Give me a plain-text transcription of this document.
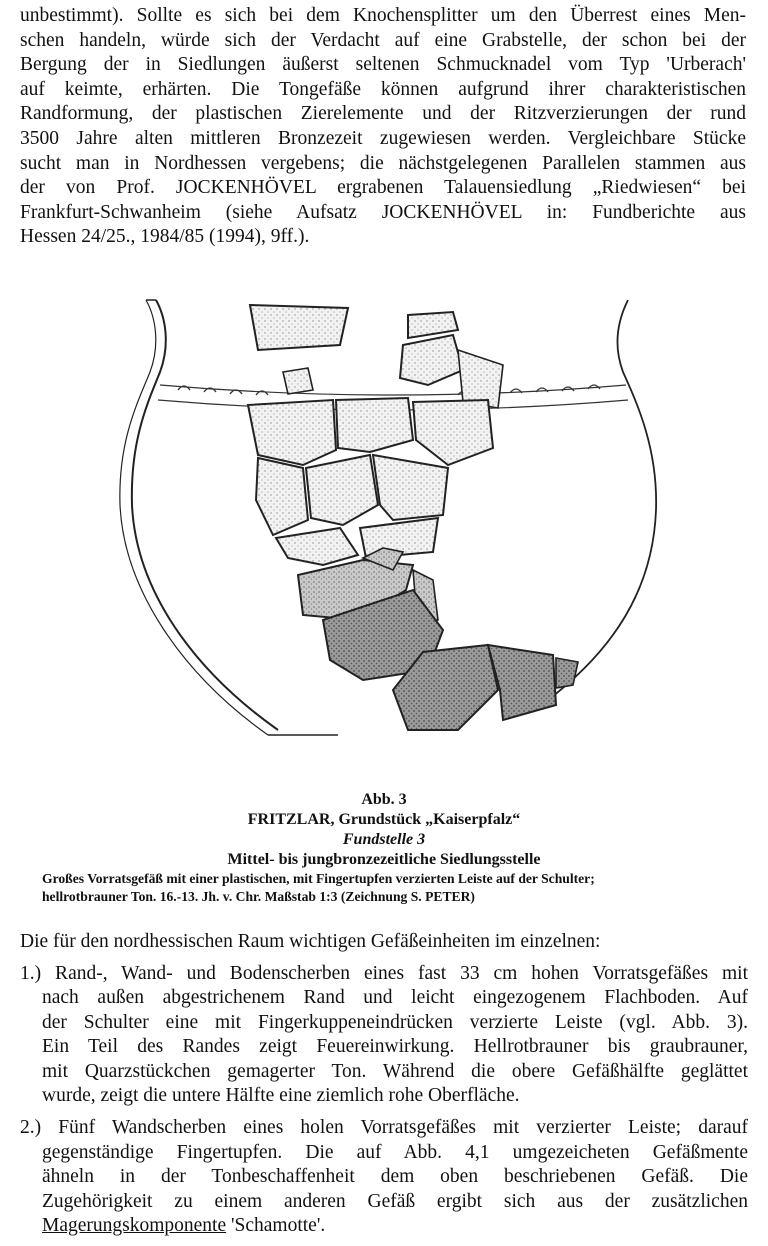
unbestimmt). Sollte es sich bei dem Knochensplitter um den Überrest eines Men-
schen handeln, würde sich der Verdacht auf eine Grabstelle, der schon bei der
Bergung der in Siedlungen äußerst seltenen Schmucknadel vom Typ 'Urberach'
auf keimte, erhärten. Die Tongefäße können aufgrund ihrer charakteristischen
Randformung, der plastischen Zierelemente und der Ritzverzierungen der rund
3500 Jahre alten mittleren Bronzezeit zugewiesen werden. Vergleichbare Stücke
sucht man in Nordhessen vergebens; die nächstgelegenen Parallelen stammen aus
der von Prof. JOCKENHÖVEL ergrabenen Talauensiedlung „Riedwiesen“ bei
Frankfurt-Schwanheim (siehe Aufsatz JOCKENHÖVEL in: Fundberichte aus
Hessen 24/25., 1984/85 (1994), 9ff.).

Abb. 3
FRITZLAR, Grundstück „Kaiserpfalz“
Fundstelle 3
Mittel- bis jungbronzezeitliche Siedlungsstelle
Großes Vorratsgefäß mit einer plastischen, mit Fingertupfen verzierten Leiste auf der Schulter;
hellrotbrauner Ton. 16.-13. Jh. v. Chr. Maßstab 1:3 (Zeichnung S. PETER)

Die für den nordhessischen Raum wichtigen Gefäßeinheiten im einzelnen:

1.) Rand-, Wand- und Bodenscherben eines fast 33 cm hohen Vorratsgefäßes mit
nach außen abgestrichenem Rand und leicht eingezogenem Flachboden. Auf
der Schulter eine mit Fingerkuppeneindrücken verzierte Leiste (vgl. Abb. 3).
Ein Teil des Randes zeigt Feuereinwirkung. Hellrotbrauner bis graubrauner,
mit Quarzstückchen gemagerter Ton. Während die obere Gefäßhälfte geglättet
wurde, zeigt die untere Hälfte eine ziemlich rohe Oberfläche.
2.) Fünf Wandscherben eines holen Vorratsgefäßes mit verzierter Leiste; darauf
gegenständige Fingertupfen. Die auf Abb. 4,1 umgezeicheten Gefäßmente
ähneln in der Tonbeschaffenheit dem oben beschriebenen Gefäß. Die
Zugehörigkeit zu einem anderen Gefäß ergibt sich aus der zusätzlichen
Magerungskomponente 'Schamotte'.
